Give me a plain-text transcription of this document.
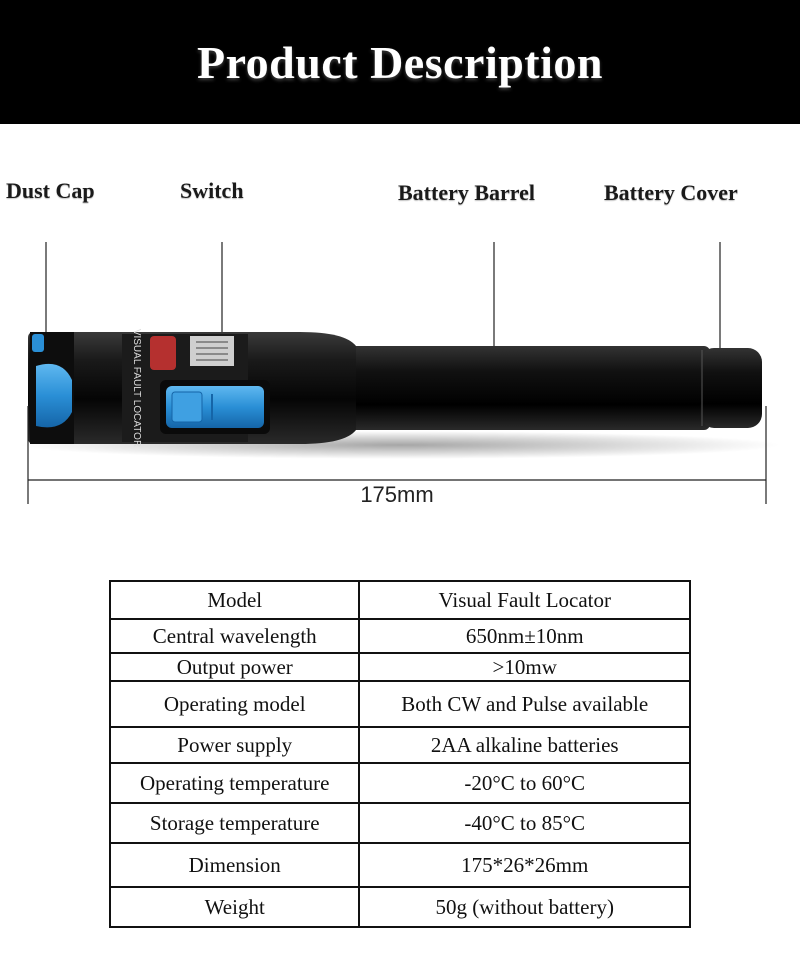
Product Description
Dust Cap	Switch	Battery Barrel	Battery Cover
VISUAL FAULT LOCATOR
175mm
Model	Visual Fault Locator
Central wavelength	650nm±10nm
Output power	>10mw
Operating model	Both CW and Pulse available
Power supply	2AA alkaline batteries
Operating temperature	-20°C to 60°C
Storage temperature	-40°C to 85°C
Dimension	175*26*26mm
Weight	50g (without battery)
